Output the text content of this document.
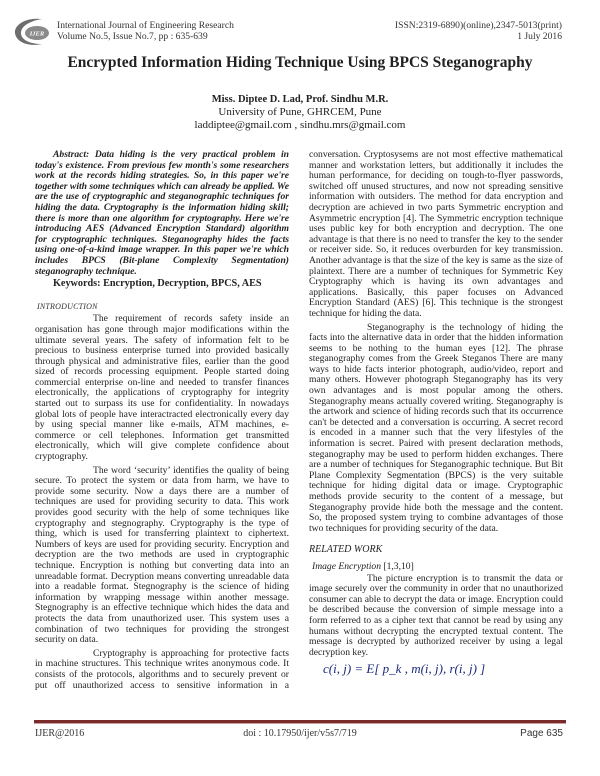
IJER
International Journal of Engineering Research
Volume No.5, Issue No.7, pp : 635-639
ISSN:2319-6890)(online),2347-5013(print)
1 July 2016
Encrypted Information Hiding Technique Using BPCS Steganography
Miss. Diptee D. Lad, Prof. Sindhu M.R.
University of Pune, GHRCEM, Pune
laddiptee@gmail.com , sindhu.mrs@gmail.com

Abstract: Data hiding is the very practical problem in today's existence. From previous few month's some researchers work at the records hiding strategies. So, in this paper we're together with some techniques which can already be applied. We are the use of cryptographic and steganographic techniques for hiding the data. Cryptography is the information hiding skill; there is more than one algorithm for cryptography. Here we're introducing AES (Advanced Encryption Standard) algorithm for cryptographic techniques. Steganography hides the facts using one-of-a-kind image wrapper. In this paper we're which includes BPCS (Bit-plane Complexity Segmentation) steganography technique.

Keywords: Encryption, Decryption, BPCS, AES

INTRODUCTION

The requirement of records safety inside an organisation has gone through major modifications within the ultimate several years. The safety of information felt to be precious to business enterprise turned into provided basically through physical and administrative files, earlier than the good sized of records processing equipment. People started doing commercial enterprise on-line and needed to transfer finances electronically, the applications of cryptography for integrity started out to surpass its use for confidentiality. In nowadays global lots of people have interactracted electronically every day by using special manner like e-mails, ATM machines, e-commerce or cell telephones. Information get transmitted electronically, which will give complete confidence about cryptography.

The word ‘security’ identifies the quality of being secure. To protect the system or data from harm, we have to provide some security. Now a days there are a number of techniques are used for providing security to data. This work provides good security with the help of some techniques like cryptography and stegnography. Cryptography is the type of thing, which is used for transferring plaintext to ciphertext. Numbers of keys are used for providing security. Encryption and decryption are the two methods are used in cryptographic technique. Encryption is nothing but converting data into an unreadable format. Decryption means converting unreadable data into a readable format. Stegnography is the science of hiding information by wrapping message within another message. Stegnography is an effective technique which hides the data and protects the data from unauthorized user. This system uses a combination of two techniques for providing the strongest security on data.

Cryptography is approaching for protective facts in machine structures. This technique writes anonymous code. It consists of the protocols, algorithms and to securely prevent or put off unauthorized access to sensitive information in a

conversation. Cryptosysems are not most effective mathematical manner and workstation letters, but additionally it includes the human performance, for deciding on tough-to-flyer passwords, switched off unused structures, and now not spreading sensitive information with outsiders. The method for data encryption and decryption are achieved in two parts Symmetric encryption and Asymmetric encryption [4]. The Symmetric encryption technique uses public key for both encryption and decryption. The one advantage is that there is no need to transfer the key to the sender or receiver side. So, it reduces overburden for key transmission. Another advantage is that the size of the key is same as the size of plaintext. There are a number of techniques for Symmetric Key Cryptography which is having its own advantages and applications. Basically, this paper focuses on Advanced Encryption Standard (AES) [6]. This technique is the strongest technique for hiding the data.

Steganography is the technology of hiding the facts into the alternative data in order that the hidden information seems to be nothing to the human eyes [12]. The phrase steganography comes from the Greek Steganos There are many ways to hide facts interior photograph, audio/video, report and many others. However photograph Steganography has its very own advantages and is most popular among the others. Steganography means actually covered writing. Steganography is the artwork and science of hiding records such that its occurrence can't be detected and a conversation is occurring. A secret record is encoded in a manner such that the very lifestyles of the information is secret. Paired with present declaration methods, steganography may be used to perform hidden exchanges. There are a number of techniques for Steganographic technique. But Bit Plane Complexity Segmentation (BPCS) is the very suitable technique for hiding digital data or image. Cryptographic methods provide security to the content of a message, but Steganography provide hide both the message and the content. So, the proposed system trying to combine advantages of those two techniques for providing security of the data.

RELATED WORK

Image Encryption [1,3,10]

The picture encryption is to transmit the data or image securely over the community in order that no unauthorized consumer can able to decrypt the data or image. Encryption could be described because the conversion of simple message into a form referred to as a cipher text that cannot be read by using any humans without decrypting the encrypted textual content. The message is decrypted by authorized receiver by using a legal decryption key.

c(i, j) = E[ p_k , m(i, j), r(i, j) ]

IJER@2016	doi : 10.17950/ijer/v5s7/719	Page 635
